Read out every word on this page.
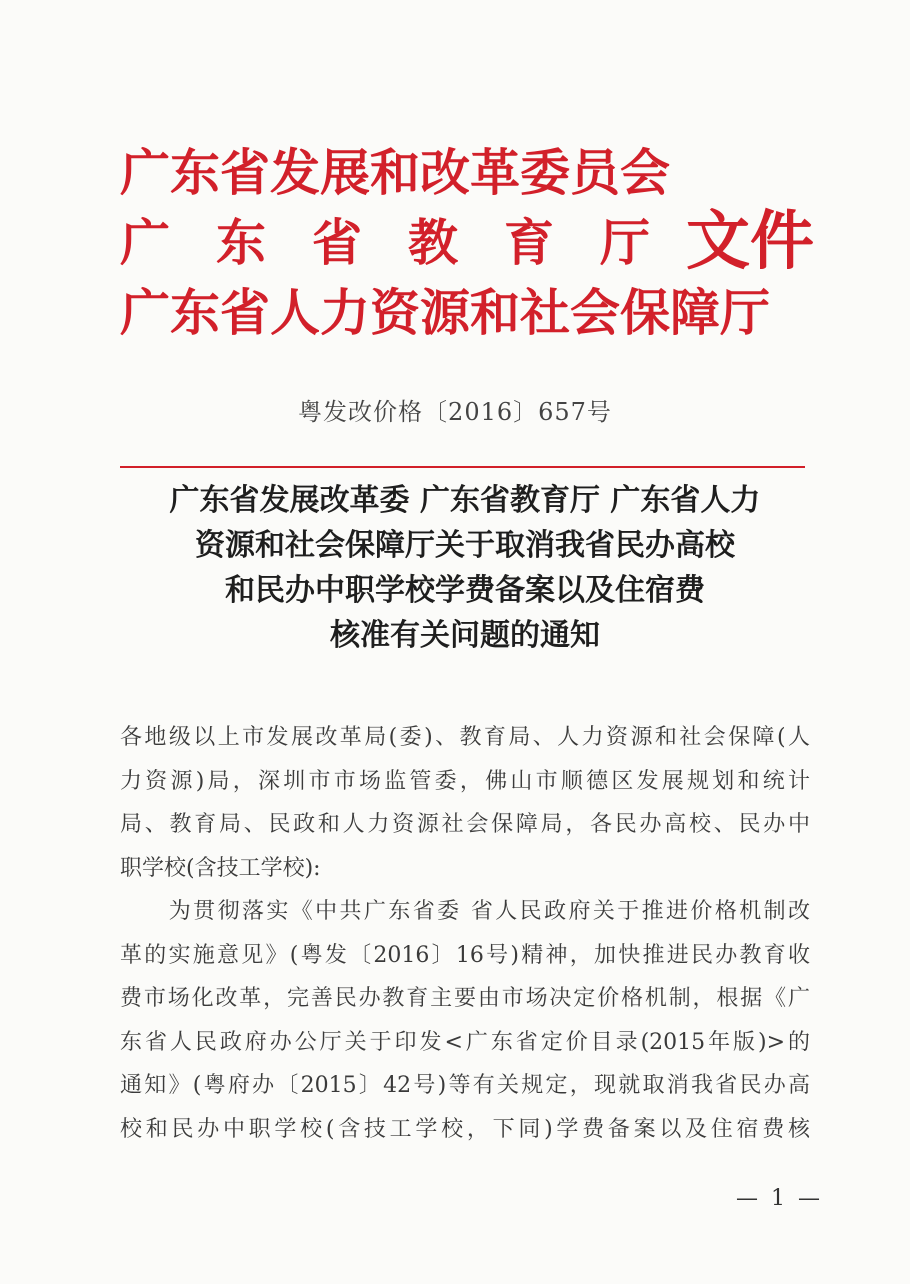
广东省发展和改革委员会
广东省教育厅
广东省人力资源和社会保障厅
文件
粤发改价格〔2016〕657号
广东省发展改革委 广东省教育厅 广东省人力
资源和社会保障厅关于取消我省民办高校
和民办中职学校学费备案以及住宿费
核准有关问题的通知
各地级以上市发展改革局(委)、教育局、人力资源和社会保障(人
力资源)局，深圳市市场监管委，佛山市顺德区发展规划和统计
局、教育局、民政和人力资源社会保障局，各民办高校、民办中
职学校(含技工学校):
　　为贯彻落实《中共广东省委 省人民政府关于推进价格机制改
革的实施意见》(粤发〔2016〕16号)精神，加快推进民办教育收
费市场化改革，完善民办教育主要由市场决定价格机制，根据《广
东省人民政府办公厅关于印发<广东省定价目录(2015年版)>的
通知》(粤府办〔2015〕42号)等有关规定，现就取消我省民办高
校和民办中职学校(含技工学校，下同)学费备案以及住宿费核
— 1 —
